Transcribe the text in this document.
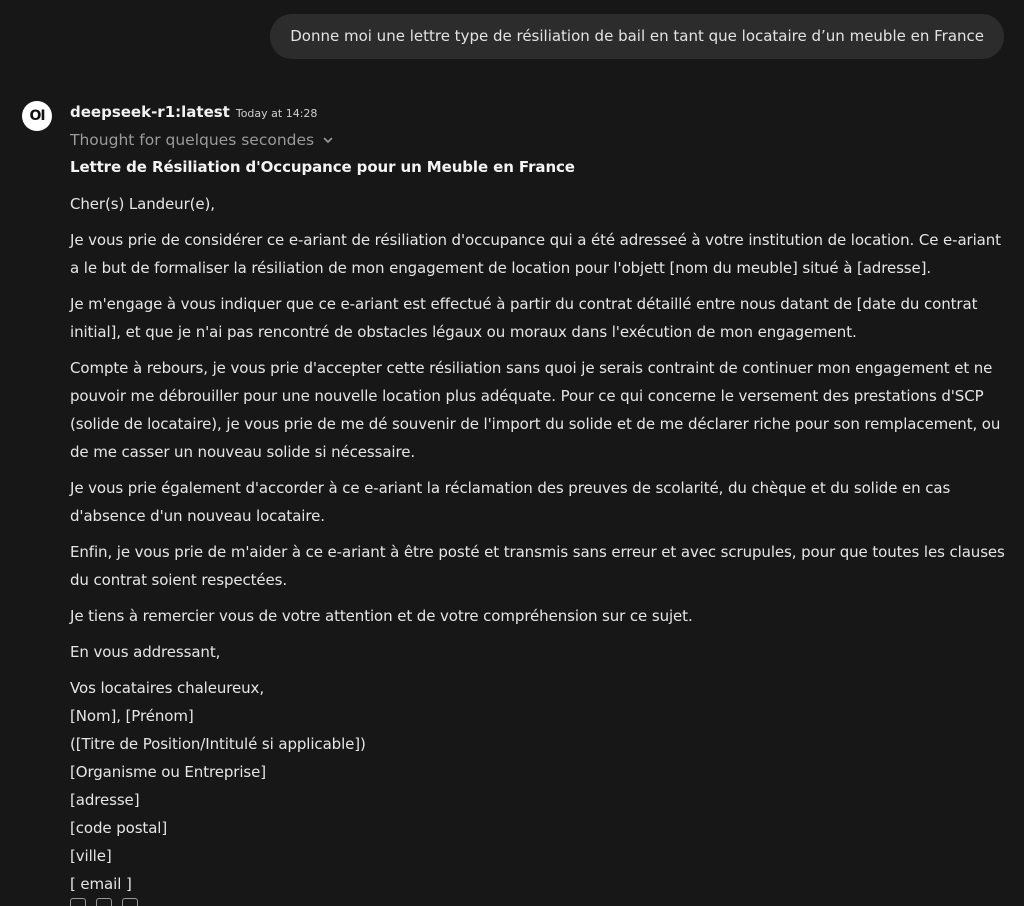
Donne moi une lettre type de résiliation de bail en tant que locataire d’un meuble en France
OI deepseek-r1:latest Today at 14:28
Thought for quelques secondes

Lettre de Résiliation d'Occupance pour un Meuble en France

Cher(s) Landeur(e),

Je vous prie de considérer ce e-ariant de résiliation d'occupance qui a été adresseé à votre institution de location. Ce e-ariant a le but de formaliser la résiliation de mon engagement de location pour l'objett [nom du meuble] situé à [adresse].

Je m'engage à vous indiquer que ce e-ariant est effectué à partir du contrat détaillé entre nous datant de [date du contrat initial], et que je n'ai pas rencontré de obstacles légaux ou moraux dans l'exécution de mon engagement.

Compte à rebours, je vous prie d'accepter cette résiliation sans quoi je serais contraint de continuer mon engagement et ne pouvoir me débrouiller pour une nouvelle location plus adéquate. Pour ce qui concerne le versement des prestations d'SCP (solide de locataire), je vous prie de me dé souvenir de l'import du solide et de me déclarer riche pour son remplacement, ou de me casser un nouveau solide si nécessaire.

Je vous prie également d'accorder à ce e-ariant la réclamation des preuves de scolarité, du chèque et du solide en cas d'absence d'un nouveau locataire.

Enfin, je vous prie de m'aider à ce e-ariant à être posté et transmis sans erreur et avec scrupules, pour que toutes les clauses du contrat soient respectées.

Je tiens à remercier vous de votre attention et de votre compréhension sur ce sujet.

En vous addressant,

Vos locataires chaleureux,
[Nom], [Prénom]
([Titre de Position/Intitulé si applicable])
[Organisme ou Entreprise]
[adresse]
[code postal]
[ville]
[ email ]
